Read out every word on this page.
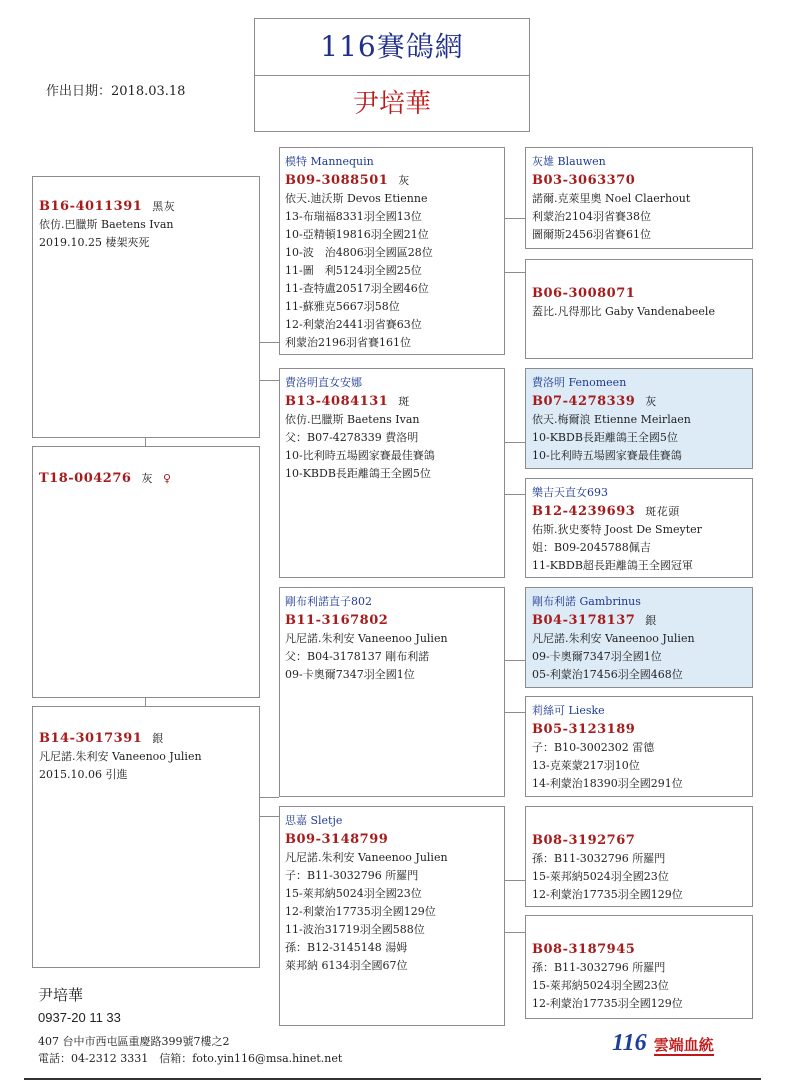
116賽鴿網
尹培華
作出日期：2018.03.18
B16-4011391 黑灰

依仿.巴臘斯 Baetens Ivan

2019.10.25 棲架夾死

T18-004276 灰 ♀
B14-3017391 銀

凡尼諾.朱利安 Vaneenoo Julien

2015.10.06 引進

模特 Mannequin

B09-3088501 灰

依天.迪沃斯 Devos Etienne

13-布瑞福8331羽全國13位

10-亞精頓19816羽全國21位

10-波　治4806羽全國區28位

11-圖　利5124羽全國25位

11-查特盧20517羽全國46位

11-蘇雅克5667羽58位

12-利蒙治2441羽省賽63位

利蒙治2196羽省賽161位

費洛明直女安娜

B13-4084131 斑

依仿.巴臘斯 Baetens Ivan

父：B07-4278339 費洛明

10-比利時五場國家賽最佳賽鴿

10-KBDB長距離鴿王全國5位

剛布利諾直子802

B11-3167802

凡尼諾.朱利安 Vaneenoo Julien

父：B04-3178137 剛布利諾

09-卡奧爾7347羽全國1位

思嘉 Sletje

B09-3148799

凡尼諾.朱利安 Vaneenoo Julien

子：B11-3032796 所羅門

15-萊邦納5024羽全國23位

12-利蒙治17735羽全國129位

11-波治31719羽全國588位

孫：B12-3145148 湯姆

萊邦納 6134羽全國67位

灰雄 Blauwen

B03-3063370

諾爾.克萊里奧 Noel Claerhout

利蒙治2104羽省賽38位

圖爾斯2456羽省賽61位

B06-3008071

蓋比.凡得那比 Gaby Vandenabeele

費洛明 Fenomeen

B07-4278339 灰

依天.梅爾浪 Etienne Meirlaen

10-KBDB長距離鴿王全國5位

10-比利時五場國家賽最佳賽鴿

樂吉天直女693

B12-4239693 斑花頭

佑斯.狄史麥特 Joost De Smeyter

姐：B09-2045788佩吉

11-KBDB超長距離鴿王全國冠軍

剛布利諾 Gambrinus

B04-3178137 銀

凡尼諾.朱利安 Vaneenoo Julien

09-卡奧爾7347羽全國1位

05-利蒙治17456羽全國468位

莉絲可 Lieske

B05-3123189

子：B10-3002302 雷德

13-克萊蒙217羽10位

14-利蒙治18390羽全國291位

B08-3192767

孫：B11-3032796 所羅門

15-萊邦納5024羽全國23位

12-利蒙治17735羽全國129位

B08-3187945

孫：B11-3032796 所羅門

15-萊邦納5024羽全國23位

12-利蒙治17735羽全國129位

尹培華
0937-20 11 33
407 台中市西屯區重慶路399號7樓之2
電話：04-2312 3331　信箱：foto.yin116@msa.hinet.net
116 雲端血統
